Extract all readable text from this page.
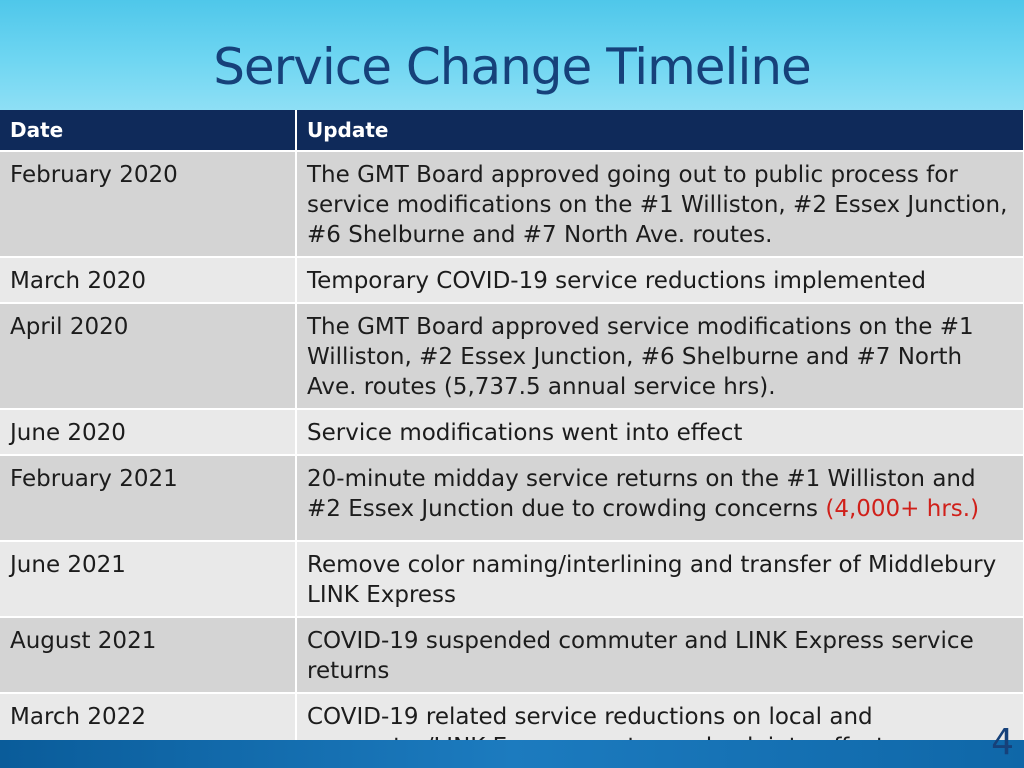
Service Change Timeline
Date	Update
February 2020	The GMT Board approved going out to public process for service modifications on the #1 Williston, #2 Essex Junction, #6 Shelburne and #7 North Ave. routes.
March 2020	Temporary COVID-19 service reductions implemented
April 2020	The GMT Board approved service modifications on the #1 Williston, #2 Essex Junction, #6 Shelburne and #7 North Ave. routes (5,737.5 annual service hrs).
June 2020	Service modifications went into effect
February 2021	20-minute midday service returns on the #1 Williston and #2 Essex Junction due to crowding concerns (4,000+ hrs.)
June 2021	Remove color naming/interlining and transfer of Middlebury LINK Express
August 2021	COVID-19 suspended commuter and LINK Express service returns
March 2022	COVID-19 related service reductions on local and
4
